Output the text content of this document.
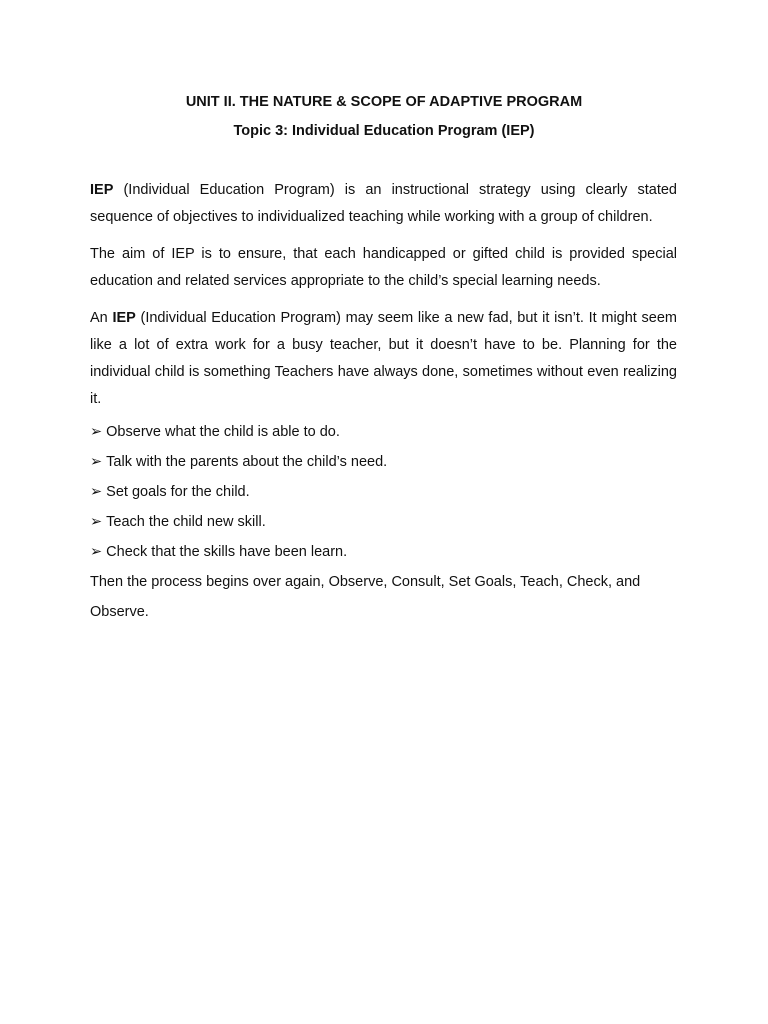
UNIT II. THE NATURE & SCOPE OF ADAPTIVE PROGRAM
Topic 3: Individual Education Program (IEP)

IEP (Individual Education Program) is an instructional strategy using clearly stated sequence of objectives to individualized teaching while working with a group of children.

The aim of IEP is to ensure, that each handicapped or gifted child is provided special education and related services appropriate to the child’s special learning needs.

An IEP (Individual Education Program) may seem like a new fad, but it isn’t. It might seem like a lot of extra work for a busy teacher, but it doesn’t have to be. Planning for the individual child is something Teachers have always done, sometimes without even realizing it.

➢ Observe what the child is able to do.
➢ Talk with the parents about the child’s need.
➢ Set goals for the child.
➢ Teach the child new skill.
➢ Check that the skills have been learn.

Then the process begins over again, Observe, Consult, Set Goals, Teach, Check, and Observe.
